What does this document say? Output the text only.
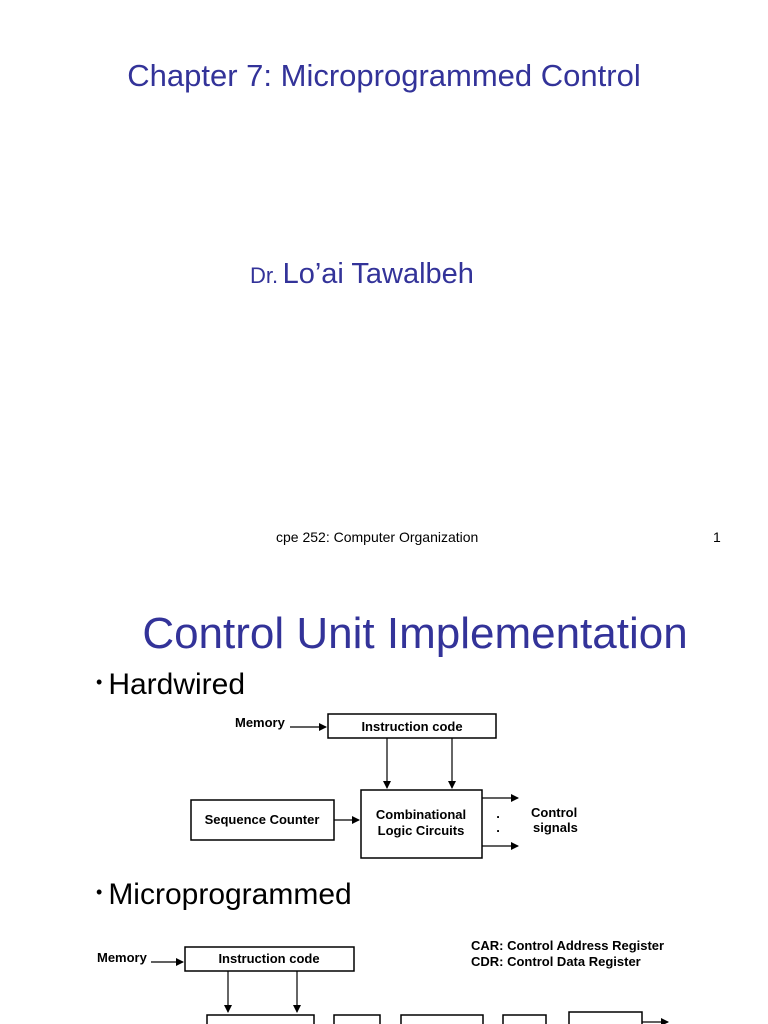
Chapter 7: Microprogrammed Control
Dr. Lo’ai Tawalbeh
cpe 252: Computer Organization	1
Control Unit Implementation
• Hardwired
Memory	Instruction code
Sequence Counter	Combinational
Logic Circuits
.
.
Control
signals
• Microprogrammed
Memory	Instruction code
CAR: Control Address Register
CDR: Control Data Register
